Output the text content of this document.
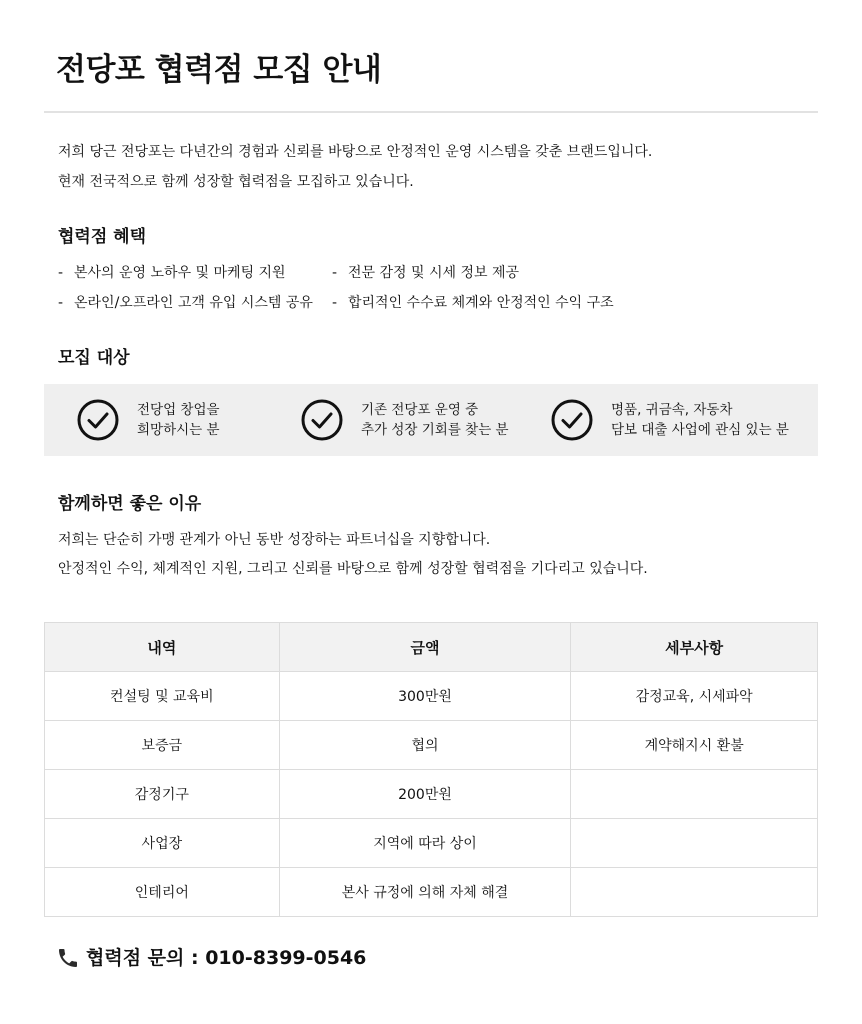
전당포 협력점 모집 안내

저희 당근 전당포는 다년간의 경험과 신뢰를 바탕으로 안정적인 운영 시스템을 갖춘 브랜드입니다.

현재 전국적으로 함께 성장할 협력점을 모집하고 있습니다.

협력점 혜택
- 본사의 운영 노하우 및 마케팅 지원	- 전문 감정 및 시세 정보 제공
- 온라인/오프라인 고객 유입 시스템 공유 - 합리적인 수수료 체계와 안정적인 수익 구조
모집 대상
전당업 창업을
희망하시는 분
기존 전당포 운영 중
추가 성장 기회를 찾는 분
명품, 귀금속, 자동차
담보 대출 사업에 관심 있는 분
함께하면 좋은 이유

저희는 단순히 가맹 관계가 아닌 동반 성장하는 파트너십을 지향합니다.

안정적인 수익, 체계적인 지원, 그리고 신뢰를 바탕으로 함께 성장할 협력점을 기다리고 있습니다.

내역	금액	세부사항
컨설팅 및 교육비	300만원	감정교육, 시세파악
보증금	협의	계약해지시 환불
감정기구	200만원	
사업장	지역에 따라 상이	
인테리어	본사 규정에 의해 자체 해결	
협력점 문의 : 010-8399-0546
